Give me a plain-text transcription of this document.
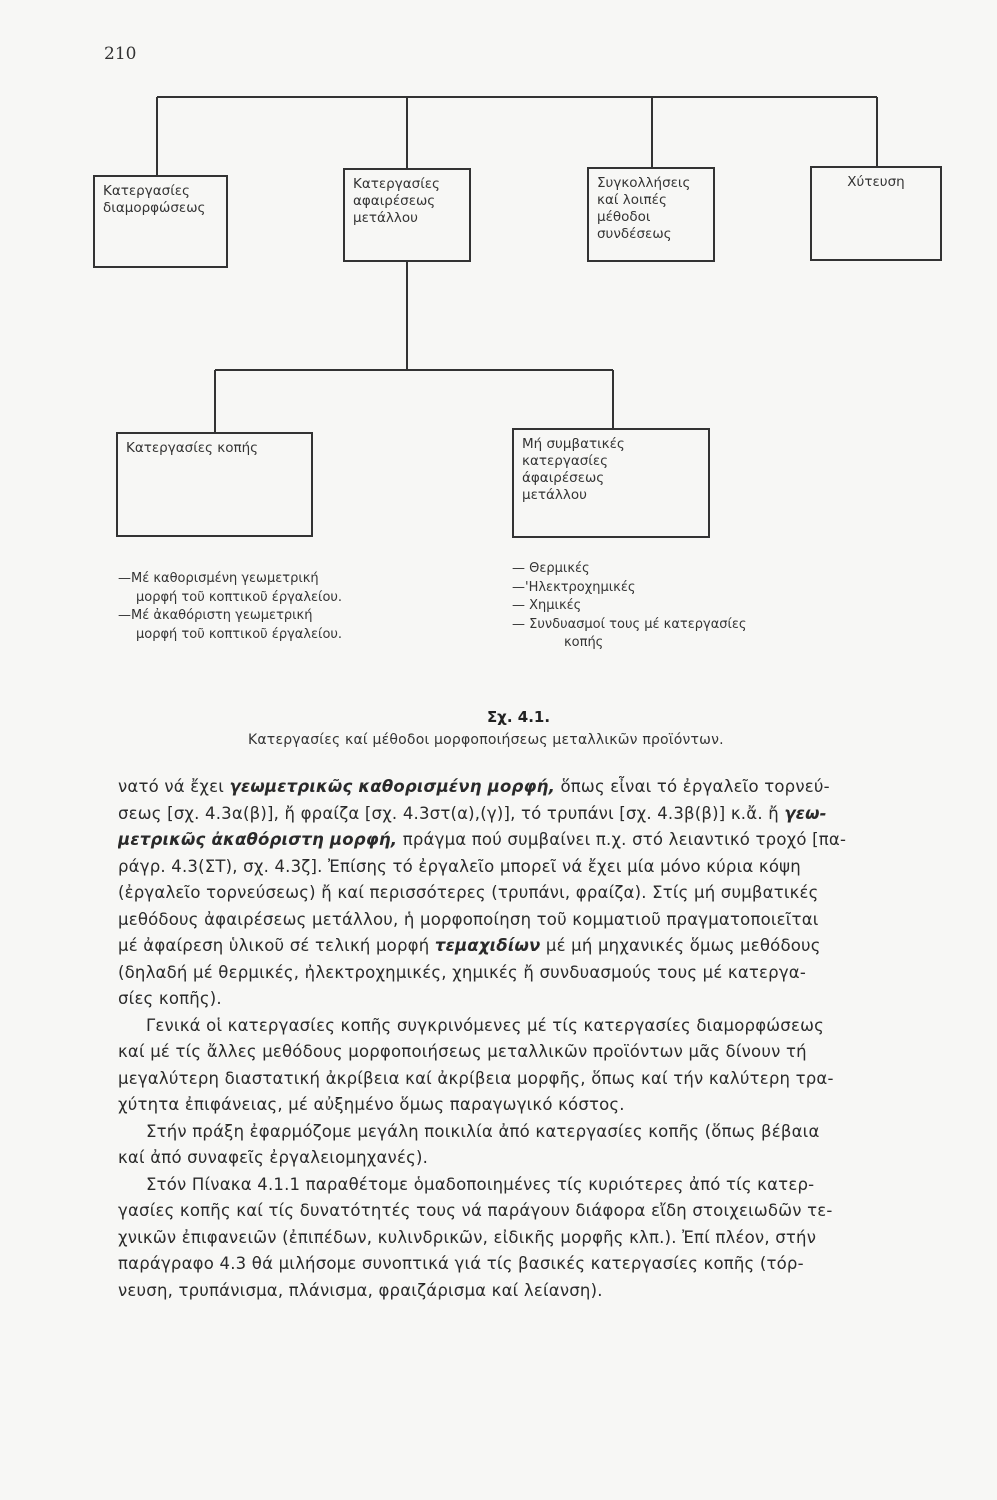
210
Κατεργασίες
διαμορφώσεως
Κατεργασίες
αφαιρέσεως
μετάλλου
Συγκολλήσεις
καί λοιπές
μέθοδοι
συνδέσεως
Χύτευση
Κατεργασίες κοπής	Μή συμβατικές
κατεργασίες
άφαιρέσεως
μετάλλου
—Μέ καθορισμένη γεωμετρική
μορφή τοῦ κοπτικοῦ έργαλείου.
—Μέ ἀκαθόριστη γεωμετρική
μορφή τοῦ κοπτικοῦ έργαλείου.
— Θερμικές
—'Ηλεκτροχημικές
— Χημικές
— Συνδυασμοί τους μέ κατεργασίες
κοπής
Σχ. 4.1.
Κατεργασίες καί μέθοδοι μορφοποιήσεως μεταλλικῶν προϊόντων.
νατό νά ἔχει γεωμετρικῶς καθορισμένη μορφή, ὅπως εἶναι τό ἐργαλεῖο τορνεύ-
σεως [σχ. 4.3α(β)], ἤ φραίζα [σχ. 4.3στ(α),(γ)], τό τρυπάνι [σχ. 4.3β(β)] κ.ἄ. ἤ γεω-
μετρικῶς ἀκαθόριστη μορφή, πράγμα πού συμβαίνει π.χ. στό λειαντικό τροχό [πα-
ράγρ. 4.3(ΣΤ), σχ. 4.3ζ]. Ἐπίσης τό ἐργαλεῖο μπορεῖ νά ἔχει μία μόνο κύρια κόψη
(ἐργαλεῖο τορνεύσεως) ἤ καί περισσότερες (τρυπάνι, φραίζα). Στίς μή συμβατικές
μεθόδους ἀφαιρέσεως μετάλλου, ἡ μορφοποίηση τοῦ κομματιοῦ πραγματοποιεῖται
μέ ἀφαίρεση ὑλικοῦ σέ τελική μορφή τεμαχιδίων μέ μή μηχανικές ὅμως μεθόδους
(δηλαδή μέ θερμικές, ἠλεκτροχημικές, χημικές ἤ συνδυασμούς τους μέ κατεργα-
σίες κοπῆς).
Γενικά οἱ κατεργασίες κοπῆς συγκρινόμενες μέ τίς κατεργασίες διαμορφώσεως
καί μέ τίς ἄλλες μεθόδους μορφοποιήσεως μεταλλικῶν προϊόντων μᾶς δίνουν τή
μεγαλύτερη διαστατική ἀκρίβεια καί ἀκρίβεια μορφῆς, ὅπως καί τήν καλύτερη τρα-
χύτητα ἐπιφάνειας, μέ αὐξημένο ὅμως παραγωγικό κόστος.
Στήν πράξη ἐφαρμόζομε μεγάλη ποικιλία ἀπό κατεργασίες κοπῆς (ὅπως βέβαια
καί ἀπό συναφεῖς ἐργαλειομηχανές).
Στόν Πίνακα 4.1.1 παραθέτομε ὁμαδοποιημένες τίς κυριότερες ἀπό τίς κατερ-
γασίες κοπῆς καί τίς δυνατότητές τους νά παράγουν διάφορα εἴδη στοιχειωδῶν τε-
χνικῶν ἐπιφανειῶν (ἐπιπέδων, κυλινδρικῶν, εἰδικῆς μορφῆς κλπ.). Ἐπί πλέον, στήν
παράγραφο 4.3 θά μιλήσομε συνοπτικά γιά τίς βασικές κατεργασίες κοπῆς (τόρ-
νευση, τρυπάνισμα, πλάνισμα, φραιζάρισμα καί λείανση).
